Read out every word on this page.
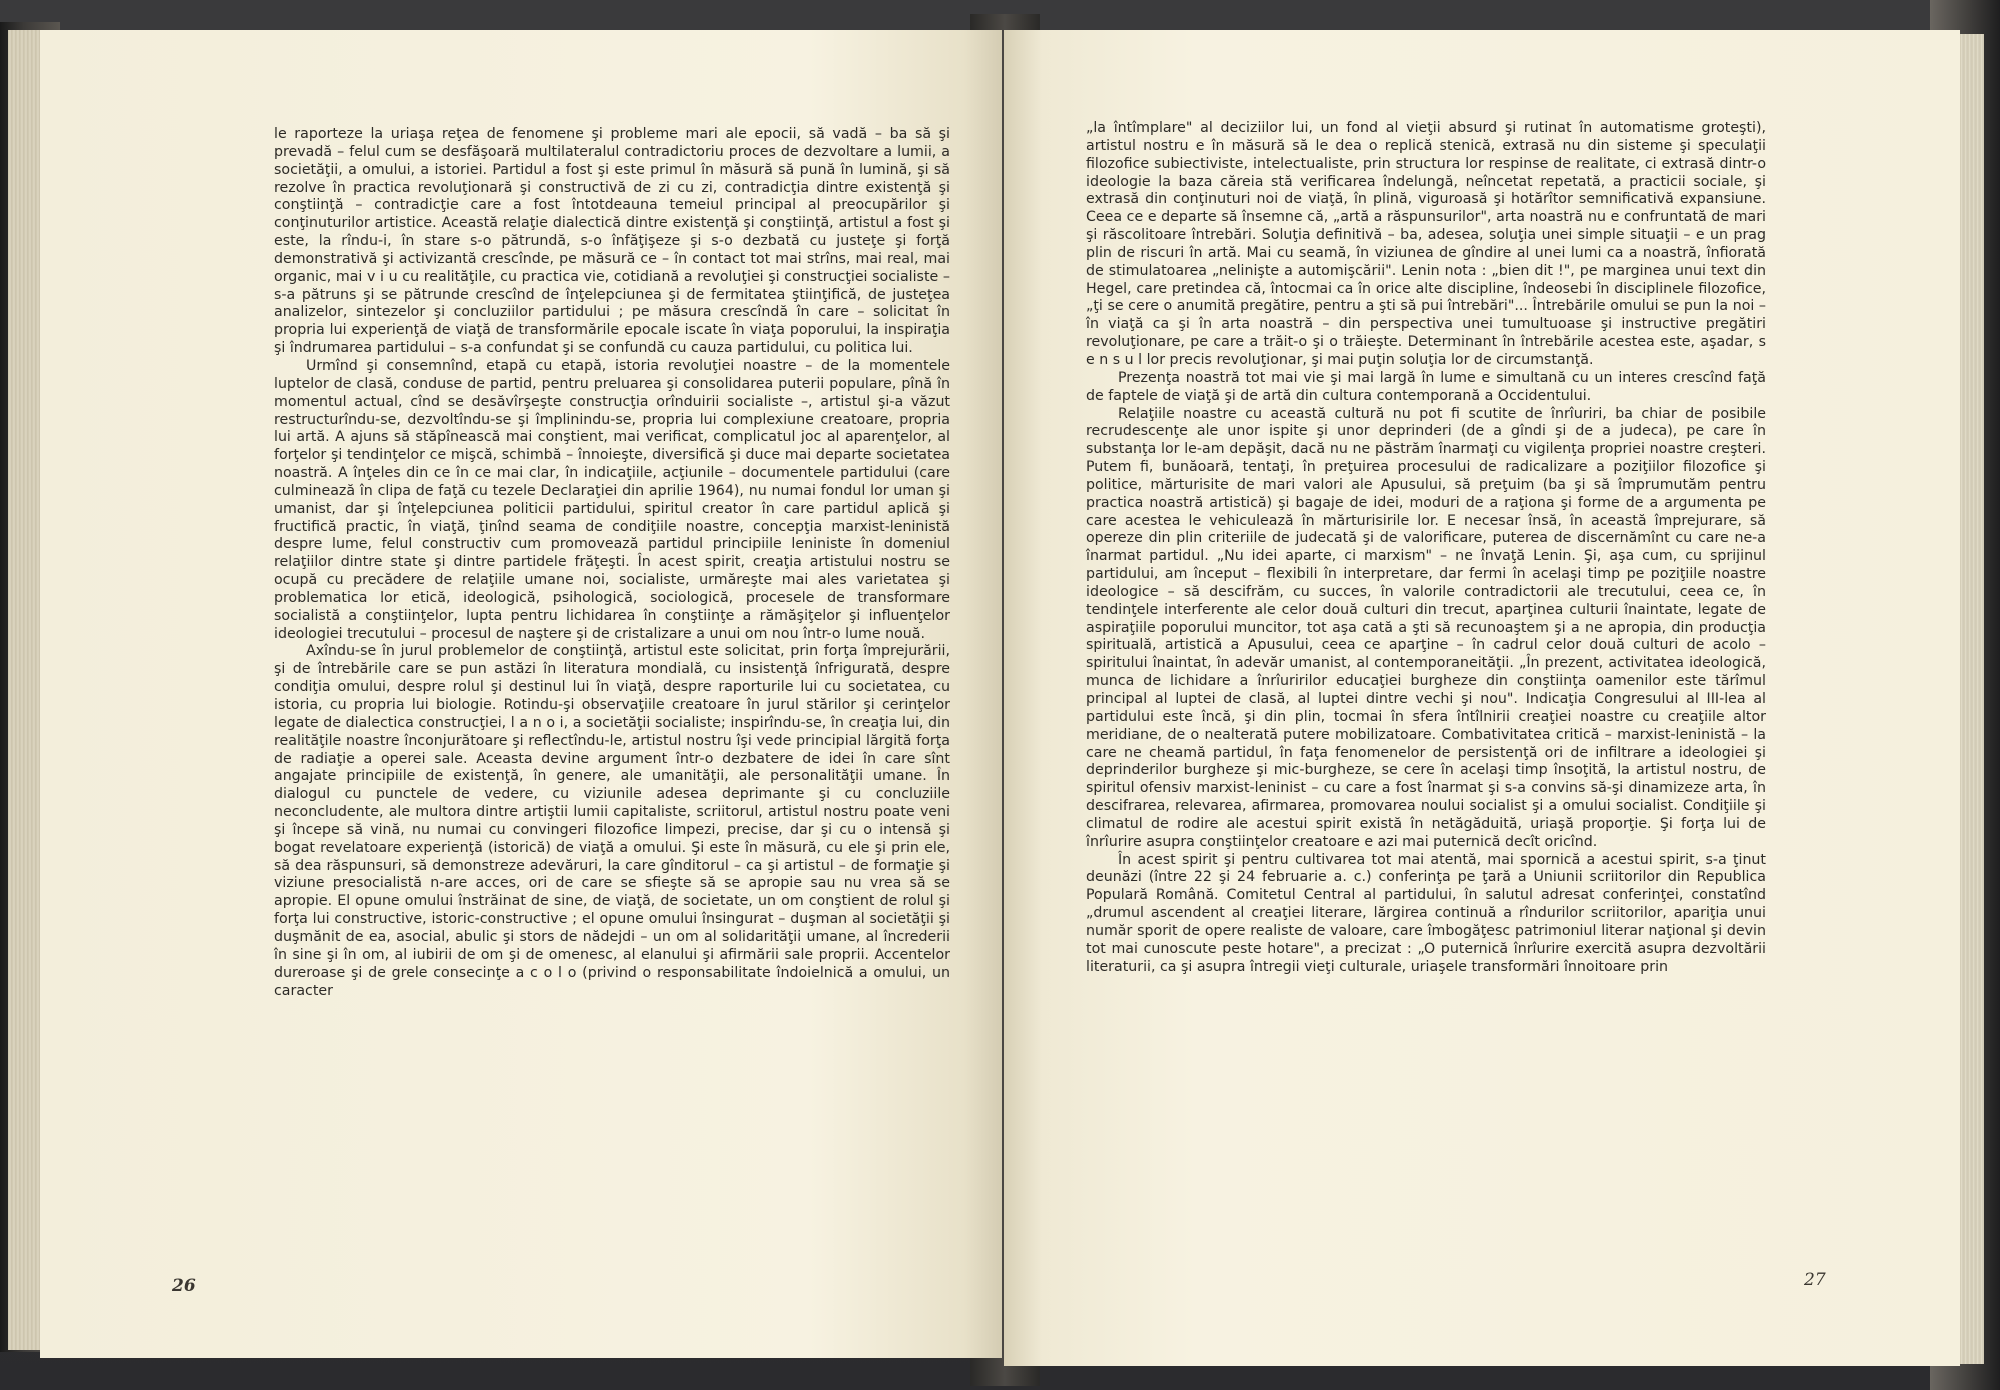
le raporteze la uriaşa reţea de fenomene şi probleme mari ale epocii, să vadă – ba să şi prevadă – felul cum se desfăşoară multilateralul contradictoriu proces de dezvoltare a lumii, a societăţii, a omului, a istoriei. Partidul a fost şi este primul în măsură să pună în lumină, şi să rezolve în practica revoluţionară şi constructivă de zi cu zi, contradicţia dintre existenţă şi conştiinţă – contradicţie care a fost întotdeauna temeiul principal al preocupărilor şi conţinuturilor artistice. Această relaţie dialectică dintre existenţă şi conştiinţă, artistul a fost şi este, la rîndu-i, în stare s-o pătrundă, s-o înfăţişeze şi s-o dezbată cu justeţe şi forţă demonstrativă şi activizantă crescînde, pe măsură ce – în contact tot mai strîns, mai real, mai organic, mai v i u cu realităţile, cu practica vie, cotidiană a revoluţiei şi construcţiei socialiste – s-a pătruns şi se pătrunde crescînd de înţelepciunea şi de fermitatea ştiinţifică, de justeţea analizelor, sintezelor şi concluziilor partidului ; pe măsura crescîndă în care – solicitat în propria lui experienţă de viaţă de transformările epocale iscate în viaţa poporului, la inspiraţia şi îndrumarea partidului – s-a confundat şi se confundă cu cauza partidului, cu politica lui.

Urmînd şi consemnînd, etapă cu etapă, istoria revoluţiei noastre – de la momentele luptelor de clasă, conduse de partid, pentru preluarea şi consolidarea puterii populare, pînă în momentul actual, cînd se desăvîrşeşte construcţia orînduirii socialiste –, artistul şi-a văzut restructurîndu-se, dezvoltîndu-se şi împlinindu-se, propria lui complexiune creatoare, propria lui artă. A ajuns să stăpînească mai conştient, mai verificat, complicatul joc al aparenţelor, al forţelor şi tendinţelor ce mişcă, schimbă – înnoieşte, diversifică şi duce mai departe societatea noastră. A înţeles din ce în ce mai clar, în indicaţiile, acţiunile – documentele partidului (care culminează în clipa de faţă cu tezele Declaraţiei din aprilie 1964), nu numai fondul lor uman şi umanist, dar şi înţelepciunea politicii partidului, spiritul creator în care partidul aplică şi fructifică practic, în viaţă, ţinînd seama de condiţiile noastre, concepţia marxist-leninistă despre lume, felul constructiv cum promovează partidul principiile leniniste în domeniul relaţiilor dintre state şi dintre partidele frăţeşti. În acest spirit, creaţia artistului nostru se ocupă cu precădere de relaţiile umane noi, socialiste, urmăreşte mai ales varietatea şi problematica lor etică, ideologică, psihologică, sociologică, procesele de transformare socialistă a conştiinţelor, lupta pentru lichidarea în conştiinţe a rămăşiţelor şi influenţelor ideologiei trecutului – procesul de naştere şi de cristalizare a unui om nou într-o lume nouă.

Axîndu-se în jurul problemelor de conştiinţă, artistul este solicitat, prin forţa împrejurării, şi de întrebările care se pun astăzi în literatura mondială, cu insistenţă înfrigurată, despre condiţia omului, despre rolul şi destinul lui în viaţă, despre raporturile lui cu societatea, cu istoria, cu propria lui biologie. Rotindu-şi observaţiile creatoare în jurul stărilor şi cerinţelor legate de dialectica construcţiei, l a n o i, a societăţii socialiste; inspirîndu-se, în creaţia lui, din realităţile noastre înconjurătoare şi reflectîndu-le, artistul nostru îşi vede principial lărgită forţa de radiaţie a operei sale. Aceasta devine argument într-o dezbatere de idei în care sînt angajate principiile de existenţă, în genere, ale umanităţii, ale personalităţii umane. În dialogul cu punctele de vedere, cu viziunile adesea deprimante şi cu concluziile neconcludente, ale multora dintre artiştii lumii capitaliste, scriitorul, artistul nostru poate veni şi începe să vină, nu numai cu convingeri filozofice limpezi, precise, dar şi cu o intensă şi bogat revelatoare experienţă (istorică) de viaţă a omului. Şi este în măsură, cu ele şi prin ele, să dea răspunsuri, să demonstreze adevăruri, la care gînditorul – ca şi artistul – de formaţie şi viziune presocialistă n-are acces, ori de care se sfieşte să se apropie sau nu vrea să se apropie. El opune omului înstrăinat de sine, de viaţă, de societate, un om conştient de rolul şi forţa lui constructive, istoric-constructive ; el opune omului însingurat – duşman al societăţii şi duşmănit de ea, asocial, abulic şi stors de nădejdi – un om al solidarităţii umane, al încrederii în sine şi în om, al iubirii de om şi de omenesc, al elanului şi afirmării sale proprii. Accentelor dureroase şi de grele consecinţe a c o l o (privind o responsabilitate îndoielnică a omului, un caracter

26

„la întîmplare" al deciziilor lui, un fond al vieţii absurd şi rutinat în automatisme groteşti), artistul nostru e în măsură să le dea o replică stenică, extrasă nu din sisteme şi speculaţii filozofice subiectiviste, intelectualiste, prin structura lor respinse de realitate, ci extrasă dintr-o ideologie la baza căreia stă verificarea îndelungă, neîncetat repetată, a practicii sociale, şi extrasă din conţinuturi noi de viaţă, în plină, viguroasă şi hotărîtor semnificativă expansiune. Ceea ce e departe să însemne că, „artă a răspunsurilor", arta noastră nu e confruntată de mari şi răscolitoare întrebări. Soluţia definitivă – ba, adesea, soluţia unei simple situaţii – e un prag plin de riscuri în artă. Mai cu seamă, în viziunea de gîndire al unei lumi ca a noastră, înfiorată de stimulatoarea „nelinişte a automişcării". Lenin nota : „bien dit !", pe marginea unui text din Hegel, care pretindea că, întocmai ca în orice alte discipline, îndeosebi în disciplinele filozofice, „ţi se cere o anumită pregătire, pentru a şti să pui întrebări"... Întrebările omului se pun la noi – în viaţă ca şi în arta noastră – din perspectiva unei tumultuoase şi instructive pregătiri revoluţionare, pe care a trăit-o şi o trăieşte. Determinant în întrebările acestea este, aşadar, s e n s u l lor precis revoluţionar, şi mai puţin soluţia lor de circumstanţă.

Prezenţa noastră tot mai vie şi mai largă în lume e simultană cu un interes crescînd faţă de faptele de viaţă şi de artă din cultura contemporană a Occidentului.

Relaţiile noastre cu această cultură nu pot fi scutite de înrîuriri, ba chiar de posibile recrudescenţe ale unor ispite şi unor deprinderi (de a gîndi şi de a judeca), pe care în substanţa lor le-am depăşit, dacă nu ne păstrăm înarmaţi cu vigilenţa propriei noastre creşteri. Putem fi, bunăoară, tentaţi, în preţuirea procesului de radicalizare a poziţiilor filozofice şi politice, mărturisite de mari valori ale Apusului, să preţuim (ba şi să împrumutăm pentru practica noastră artistică) şi bagaje de idei, moduri de a raţiona şi forme de a argumenta pe care acestea le vehiculează în mărturisirile lor. E necesar însă, în această împrejurare, să opereze din plin criteriile de judecată şi de valorificare, puterea de discernămînt cu care ne-a înarmat partidul. „Nu idei aparte, ci marxism" – ne învaţă Lenin. Şi, aşa cum, cu sprijinul partidului, am început – flexibili în interpretare, dar fermi în acelaşi timp pe poziţiile noastre ideologice – să descifrăm, cu succes, în valorile contradictorii ale trecutului, ceea ce, în tendinţele interferente ale celor două culturi din trecut, aparţinea culturii înaintate, legate de aspiraţiile poporului muncitor, tot aşa cată a şti să recunoaştem şi a ne apropia, din producţia spirituală, artistică a Apusului, ceea ce aparţine – în cadrul celor două culturi de acolo – spiritului înaintat, în adevăr umanist, al contemporaneităţii. „În prezent, activitatea ideologică, munca de lichidare a înrîuririlor educaţiei burgheze din conştiinţa oamenilor este tărîmul principal al luptei de clasă, al luptei dintre vechi şi nou". Indicaţia Congresului al III-lea al partidului este încă, şi din plin, tocmai în sfera întîlnirii creaţiei noastre cu creaţiile altor meridiane, de o nealterată putere mobilizatoare. Combativitatea critică – marxist-leninistă – la care ne cheamă partidul, în faţa fenomenelor de persistenţă ori de infiltrare a ideologiei şi deprinderilor burgheze şi mic-burgheze, se cere în acelaşi timp însoţită, la artistul nostru, de spiritul ofensiv marxist-leninist – cu care a fost înarmat şi s-a convins să-şi dinamizeze arta, în descifrarea, relevarea, afirmarea, promovarea noului socialist şi a omului socialist. Condiţiile şi climatul de rodire ale acestui spirit există în netăgăduită, uriaşă proporţie. Şi forţa lui de înrîurire asupra conştiinţelor creatoare e azi mai puternică decît oricînd.

În acest spirit şi pentru cultivarea tot mai atentă, mai spornică a acestui spirit, s-a ţinut deunăzi (între 22 şi 24 februarie a. c.) conferinţa pe ţară a Uniunii scriitorilor din Republica Populară Română. Comitetul Central al partidului, în salutul adresat conferinţei, constatînd „drumul ascendent al creaţiei literare, lărgirea continuă a rîndurilor scriitorilor, apariţia unui număr sporit de opere realiste de valoare, care îmbogăţesc patrimoniul literar naţional şi devin tot mai cunoscute peste hotare", a precizat : „O puternică înrîurire exercită asupra dezvoltării literaturii, ca şi asupra întregii vieţi culturale, uriaşele transformări înnoitoare prin

27
